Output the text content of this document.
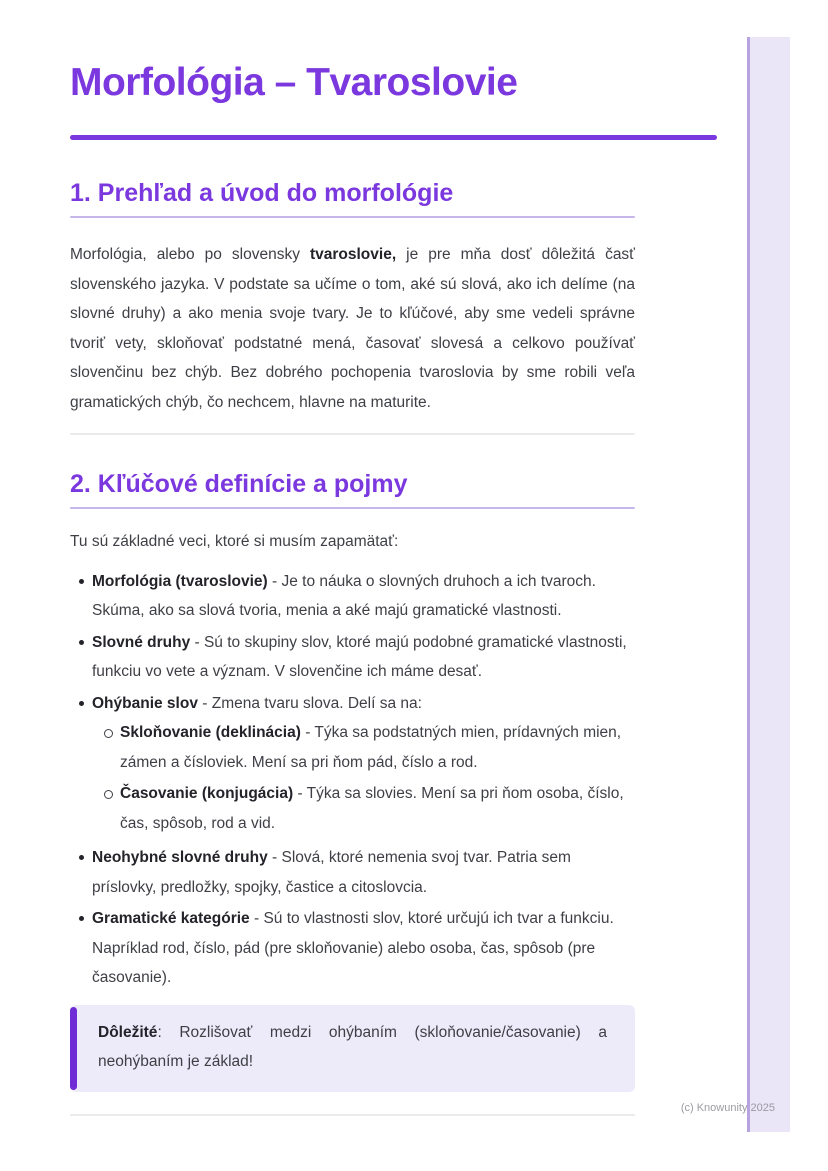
Morfológia – Tvaroslovie
1. Prehľad a úvod do morfológie

Morfológia, alebo po slovensky tvaroslovie, je pre mňa dosť dôležitá časť slovenského jazyka. V podstate sa učíme o tom, aké sú slová, ako ich delíme (na slovné druhy) a ako menia svoje tvary. Je to kľúčové, aby sme vedeli správne tvoriť vety, skloňovať podstatné mená, časovať slovesá a celkovo používať slovenčinu bez chýb. Bez dobrého pochopenia tvaroslovia by sme robili veľa gramatických chýb, čo nechcem, hlavne na maturite.

2. Kľúčové definície a pojmy

Tu sú základné veci, ktoré si musím zapamätať:

Morfológia (tvaroslovie) - Je to náuka o slovných druhoch a ich tvaroch. Skúma, ako sa slová tvoria, menia a aké majú gramatické vlastnosti.
Slovné druhy - Sú to skupiny slov, ktoré majú podobné gramatické vlastnosti, funkciu vo vete a význam. V slovenčine ich máme desať.
Ohýbanie slov - Zmena tvaru slova. Delí sa na:
Skloňovanie (deklinácia) - Týka sa podstatných mien, prídavných mien, zámen a čísloviek. Mení sa pri ňom pád, číslo a rod.
Časovanie (konjugácia) - Týka sa slovies. Mení sa pri ňom osoba, číslo, čas, spôsob, rod a vid.
Neohybné slovné druhy - Slová, ktoré nemenia svoj tvar. Patria sem príslovky, predložky, spojky, častice a citoslovcia.
Gramatické kategórie - Sú to vlastnosti slov, ktoré určujú ich tvar a funkciu. Napríklad rod, číslo, pád (pre skloňovanie) alebo osoba, čas, spôsob (pre časovanie).

Dôležité: Rozlišovať medzi ohýbaním (skloňovanie/časovanie) a neohýbaním je základ!

(c) Knowunity 2025
